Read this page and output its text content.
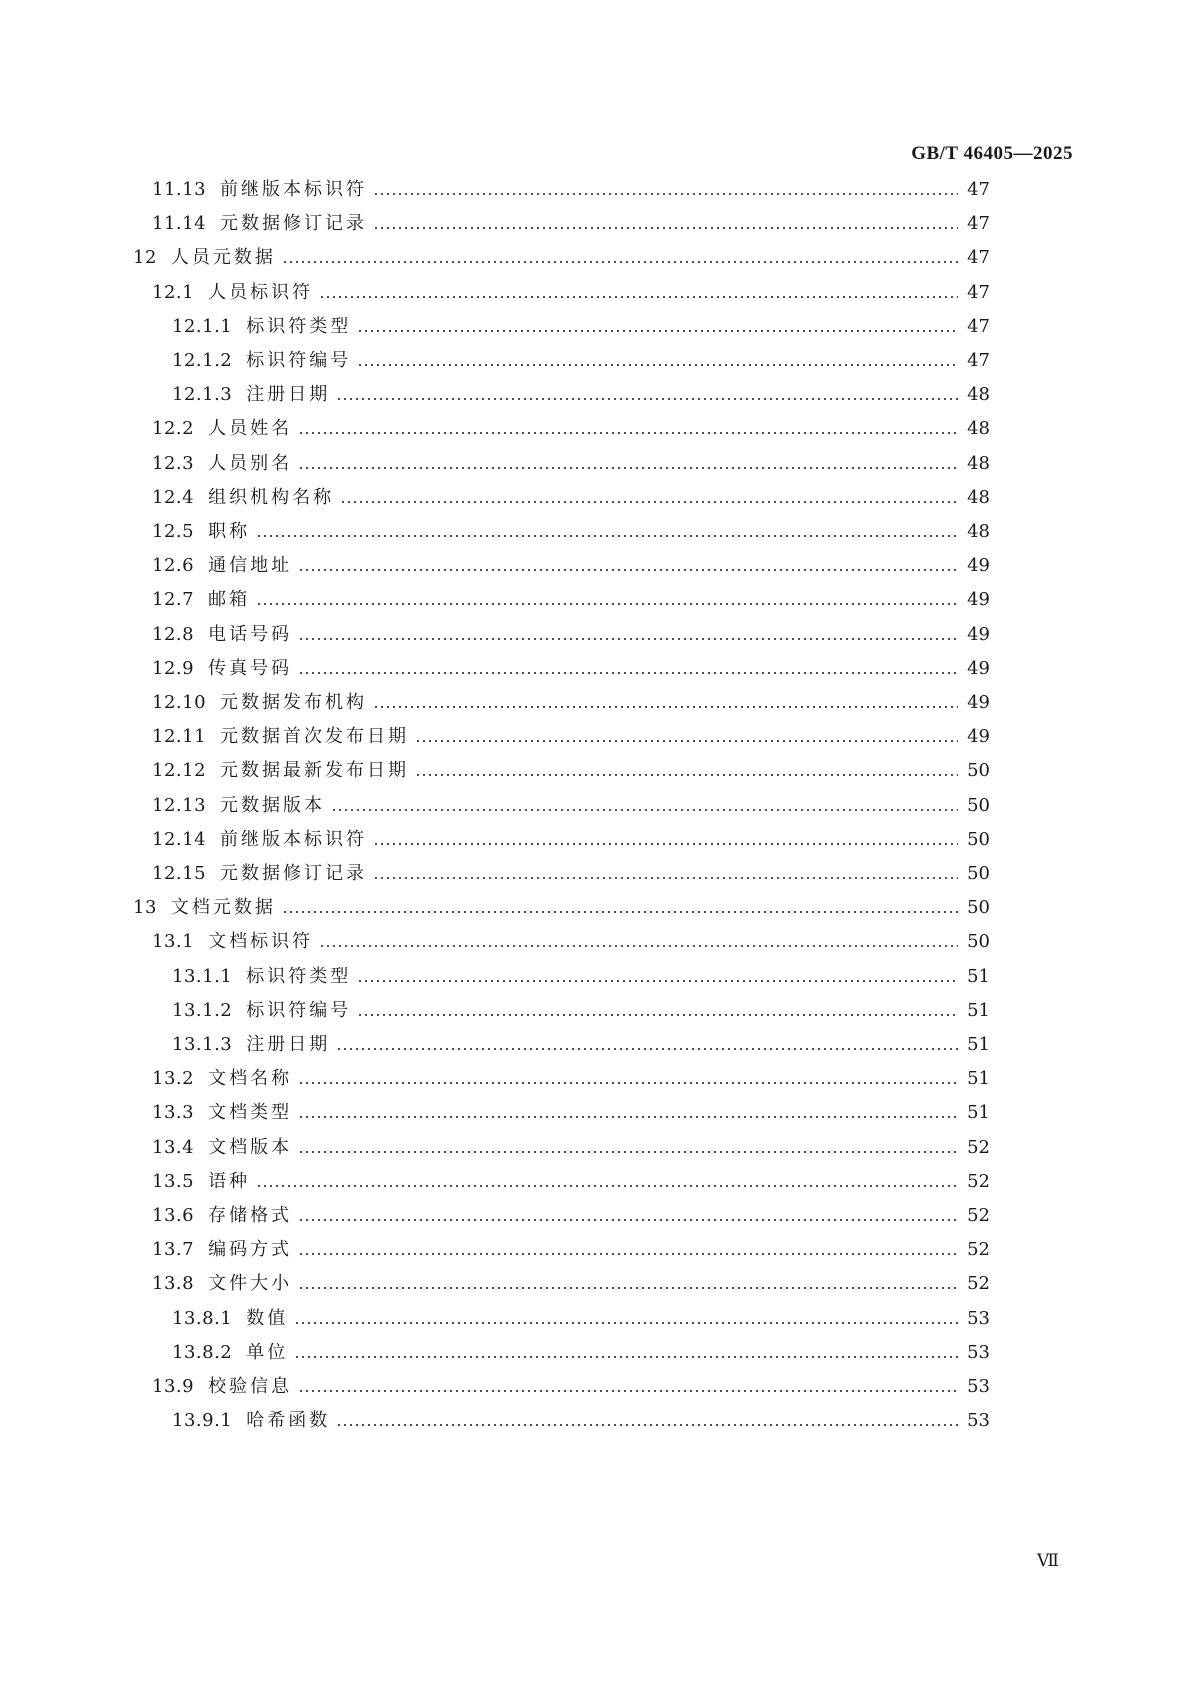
GB/T 46405—2025
11.13 前继版本标识符	47
11.14 元数据修订记录	47
12 人员元数据	47
12.1 人员标识符	47
12.1.1 标识符类型	47
12.1.2 标识符编号	47
12.1.3 注册日期	48
12.2 人员姓名	48
12.3 人员别名	48
12.4 组织机构名称	48
12.5 职称	48
12.6 通信地址	49
12.7 邮箱	49
12.8 电话号码	49
12.9 传真号码	49
12.10 元数据发布机构	49
12.11 元数据首次发布日期	49
12.12 元数据最新发布日期	50
12.13 元数据版本	50
12.14 前继版本标识符	50
12.15 元数据修订记录	50
13 文档元数据	50
13.1 文档标识符	50
13.1.1 标识符类型	51
13.1.2 标识符编号	51
13.1.3 注册日期	51
13.2 文档名称	51
13.3 文档类型	51
13.4 文档版本	52
13.5 语种	52
13.6 存储格式	52
13.7 编码方式	52
13.8 文件大小	52
13.8.1 数值	53
13.8.2 单位	53
13.9 校验信息	53
13.9.1 哈希函数	53
Ⅶ
